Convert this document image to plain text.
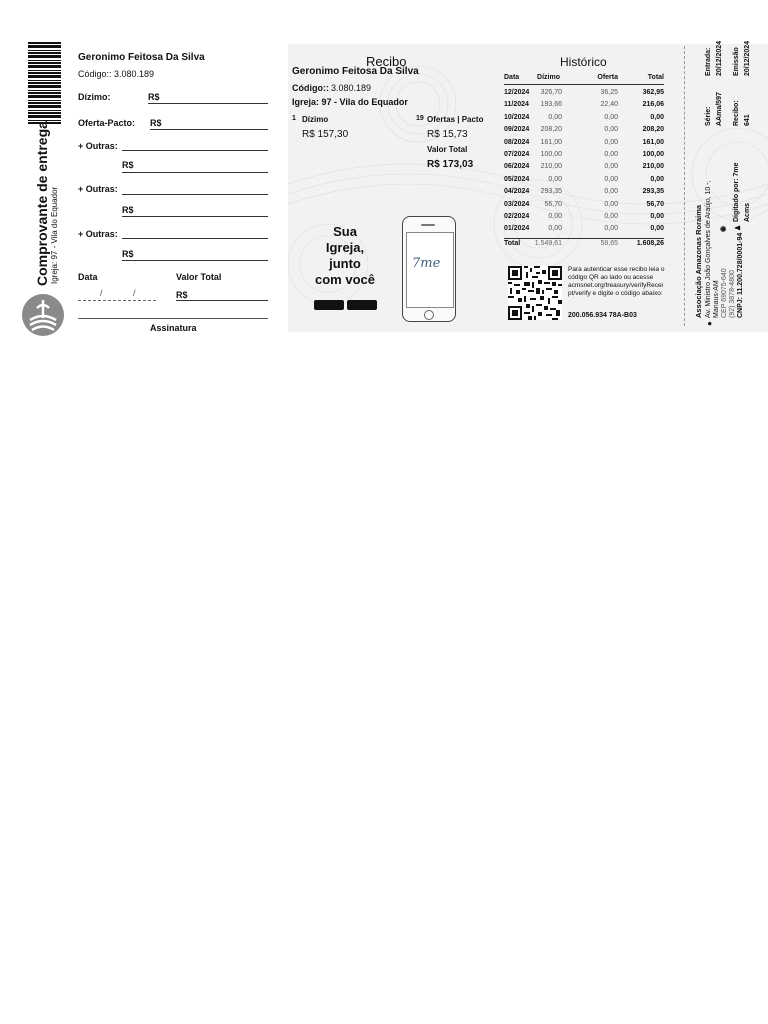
Comprovante de entrega Igreja: 97 - Vila do Equador
Geronimo Feitosa Da Silva
Código:: 3.080.189
Dízimo:	R$
Oferta-Pacto: R$
+ Outras:
R$
+ Outras:
R$
+ Outras:
R$
Data	Valor Total
/ /	R$
Assinatura
Recibo
Geronimo Feitosa Da Silva
Código:: 3.080.189
Igreja: 97 - Vila do Equador
1 Dízimo
R$ 157,30
19 Ofertas | Pacto
R$ 15,73
Valor Total
R$ 173,03
Sua
Igreja,
junto
com você
7me
Histórico
Data	Dízimo	Oferta	Total
12/2024 326,70	36,25	362,95
11/2024 193,66	22,40	216,06
10/2024	0,00	0,00	0,00
09/2024 208,20	0,00	208,20
08/2024 161,00	0,00	161,00
07/2024 100,00	0,00	100,00
06/2024 210,00	0,00	210,00
05/2024	0,00	0,00	0,00
04/2024 293,35	0,00	293,35
03/2024 56,70	0,00	56,70
02/2024	0,00	0,00	0,00
01/2024	0,00	0,00	0,00
Total 1.549,61	58,65	1.608,26
Para autenticar esse recibo leia o código QR ao lado ou acesse acmsnet.org/treasury/verifyRecei pt/verify e digite o código abaixo:
200.056.934 78A-B03
Entrada: 20/12/2024 Emissão 20/12/2024
Série: AAma/597 Recibo: 641
Digitado por: 7me Acms
♟
◉
Associação Amazonas Roraima Av. Ministro João Gonçalves de Araújo, 10 -, Manaus-AM CEP 69075-640 (92) 3878-4800 CNPJ: 11.200.728/0001-94
●
